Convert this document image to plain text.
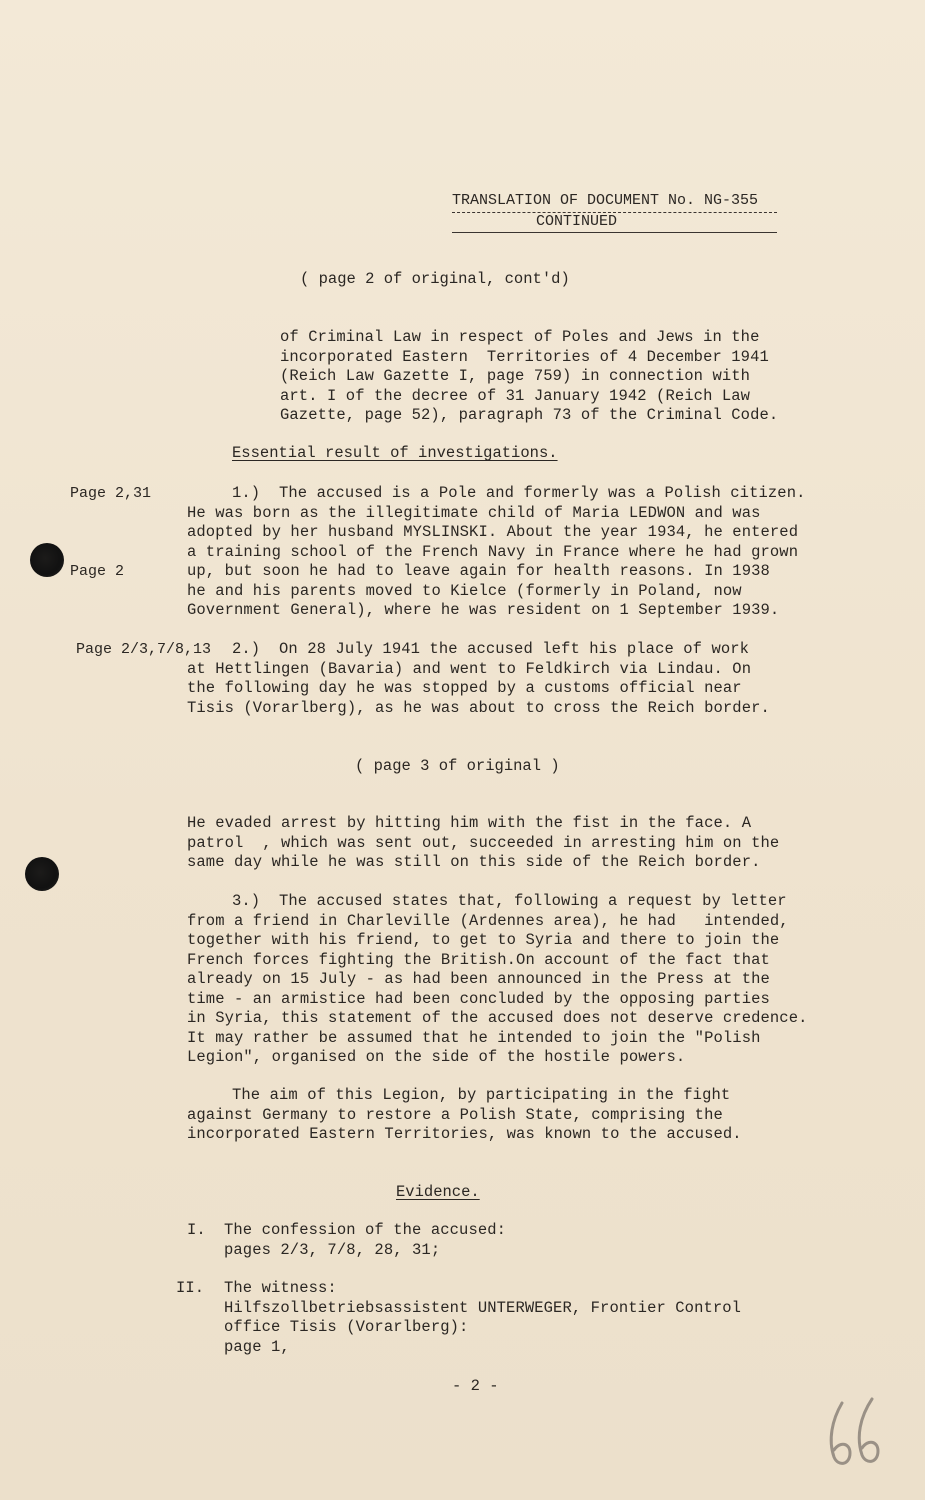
TRANSLATION OF DOCUMENT No. NG-355
CONTINUED
( page 2 of original, cont'd)
of Criminal Law in respect of Poles and Jews in the
incorporated Eastern  Territories of 4 December 1941
(Reich Law Gazette I, page 759) in connection with
art. I of the decree of 31 January 1942 (Reich Law
Gazette, page 52), paragraph 73 of the Criminal Code.
Essential result of investigations.
Page 2,31
Page 2
Page 2/3,7/8,13
1.)  The accused is a Pole and formerly was a Polish citizen.
He was born as the illegitimate child of Maria LEDWON and was
adopted by her husband MYSLINSKI. About the year 1934, he entered
a training school of the French Navy in France where he had grown
up, but soon he had to leave again for health reasons. In 1938
he and his parents moved to Kielce (formerly in Poland, now
Government General), where he was resident on 1 September 1939.
2.)  On 28 July 1941 the accused left his place of work
at Hettlingen (Bavaria) and went to Feldkirch via Lindau. On
the following day he was stopped by a customs official near
Tisis (Vorarlberg), as he was about to cross the Reich border.
( page 3 of original )
He evaded arrest by hitting him with the fist in the face. A
patrol  , which was sent out, succeeded in arresting him on the
same day while he was still on this side of the Reich border.
3.)  The accused states that, following a request by letter
from a friend in Charleville (Ardennes area), he had   intended,
together with his friend, to get to Syria and there to join the
French forces fighting the British.On account of the fact that
already on 15 July - as had been announced in the Press at the
time - an armistice had been concluded by the opposing parties
in Syria, this statement of the accused does not deserve credence.
It may rather be assumed that he intended to join the "Polish
Legion", organised on the side of the hostile powers.
The aim of this Legion, by participating in the fight
against Germany to restore a Polish State, comprising the
incorporated Eastern Territories, was known to the accused.
Evidence.
I. The confession of the accused:
pages 2/3, 7/8, 28, 31;
II. The witness:
Hilfszollbetriebsassistent UNTERWEGER, Frontier Control
office Tisis (Vorarlberg):
page 1,
- 2 -
